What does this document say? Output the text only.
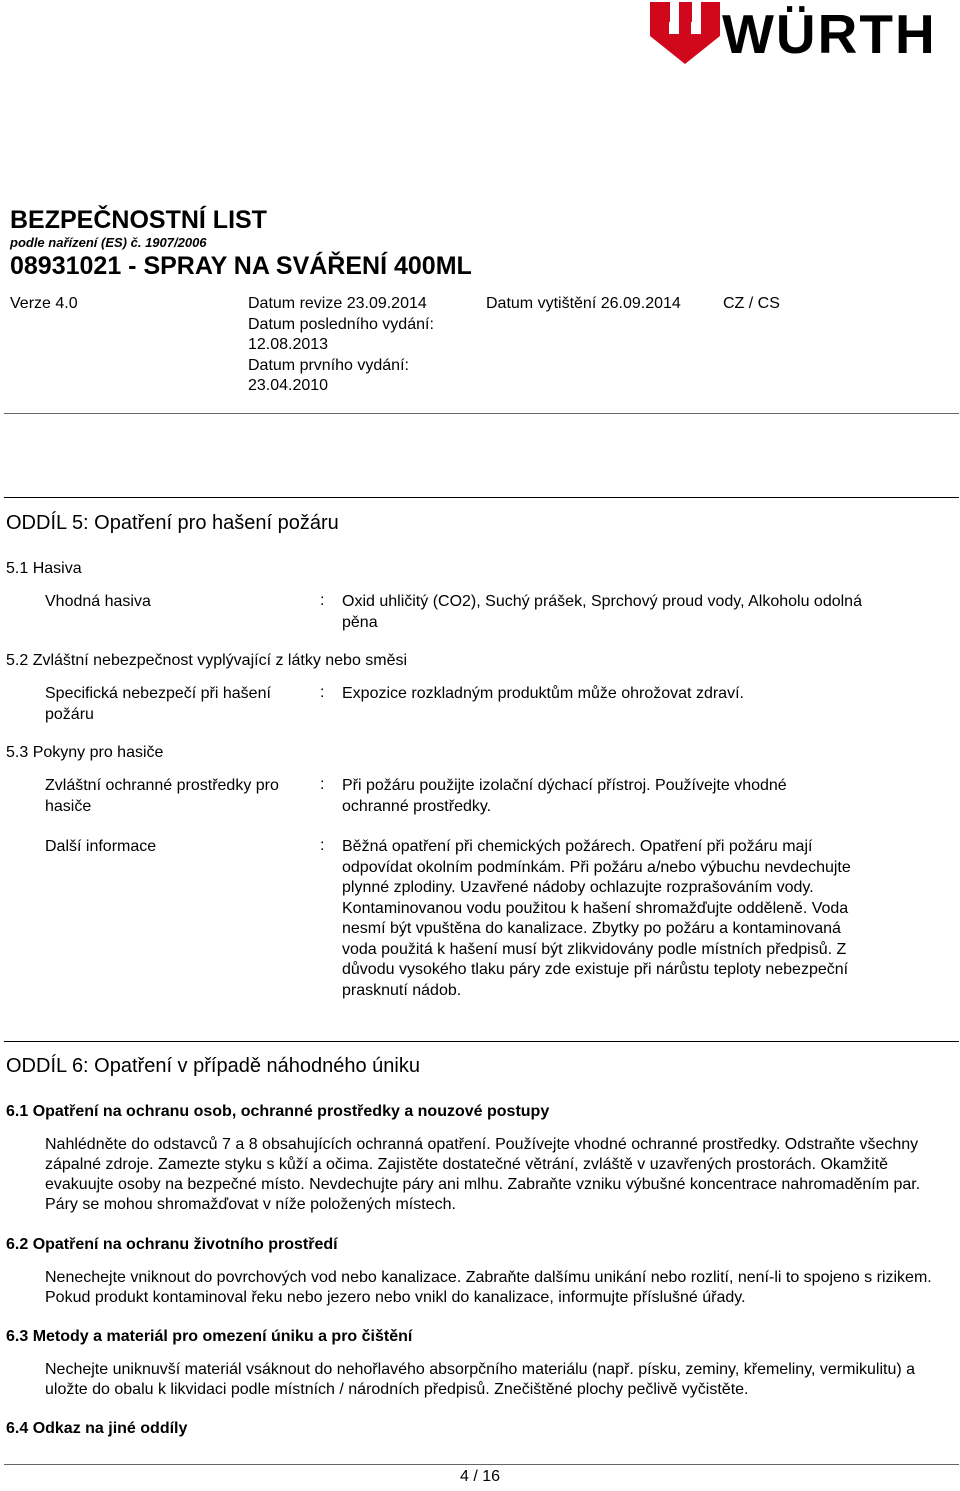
WÜRTH
BEZPEČNOSTNÍ LIST
podle nařízení (ES) č. 1907/2006
08931021 - SPRAY NA SVÁŘENÍ 400ML
Verze 4.0	Datum revize 23.09.2014
Datum posledního vydání:
12.08.2013
Datum prvního vydání:
23.04.2010
Datum vytištění 26.09.2014	CZ / CS
ODDÍL 5: Opatření pro hašení požáru
5.1 Hasiva
Vhodná hasiva	: Oxid uhličitý (CO2), Suchý prášek, Sprchový proud vody, Alkoholu odolná pěna
5.2 Zvláštní nebezpečnost vyplývající z látky nebo směsi
Specifická nebezpečí při hašení požáru
: Expozice rozkladným produktům může ohrožovat zdraví.
5.3 Pokyny pro hasiče
Zvláštní ochranné prostředky pro hasiče
: Při požáru použijte izolační dýchací přístroj. Používejte vhodné ochranné prostředky.
Další informace	: Běžná opatření při chemických požárech. Opatření při požáru mají odpovídat okolním podmínkám. Při požáru a/nebo výbuchu nevdechujte plynné zplodiny. Uzavřené nádoby ochlazujte rozprašováním vody. Kontaminovanou vodu použitou k hašení shromažďujte odděleně. Voda nesmí být vpuštěna do kanalizace. Zbytky po požáru a kontaminovaná voda použitá k hašení musí být zlikvidovány podle místních předpisů. Z důvodu vysokého tlaku páry zde existuje při nárůstu teploty nebezpeční prasknutí nádob.
ODDÍL 6: Opatření v případě náhodného úniku
6.1 Opatření na ochranu osob, ochranné prostředky a nouzové postupy
Nahlédněte do odstavců 7 a 8 obsahujících ochranná opatření. Používejte vhodné ochranné prostředky. Odstraňte všechny zápalné zdroje. Zamezte styku s kůží a očima. Zajistěte dostatečné větrání, zvláště v uzavřených prostorách. Okamžitě evakuujte osoby na bezpečné místo. Nevdechujte páry ani mlhu. Zabraňte vzniku výbušné koncentrace nahromaděním par. Páry se mohou shromažďovat v níže položených místech.
6.2 Opatření na ochranu životního prostředí
Nenechejte vniknout do povrchových vod nebo kanalizace. Zabraňte dalšímu unikání nebo rozlití, není-li to spojeno s rizikem. Pokud produkt kontaminoval řeku nebo jezero nebo vnikl do kanalizace, informujte příslušné úřady.
6.3 Metody a materiál pro omezení úniku a pro čištění
Nechejte uniknuvší materiál vsáknout do nehořlavého absorpčního materiálu (např. písku, zeminy, křemeliny, vermikulitu) a uložte do obalu k likvidaci podle místních / národních předpisů. Znečištěné plochy pečlivě vyčistěte.
6.4 Odkaz na jiné oddíly
4 / 16
